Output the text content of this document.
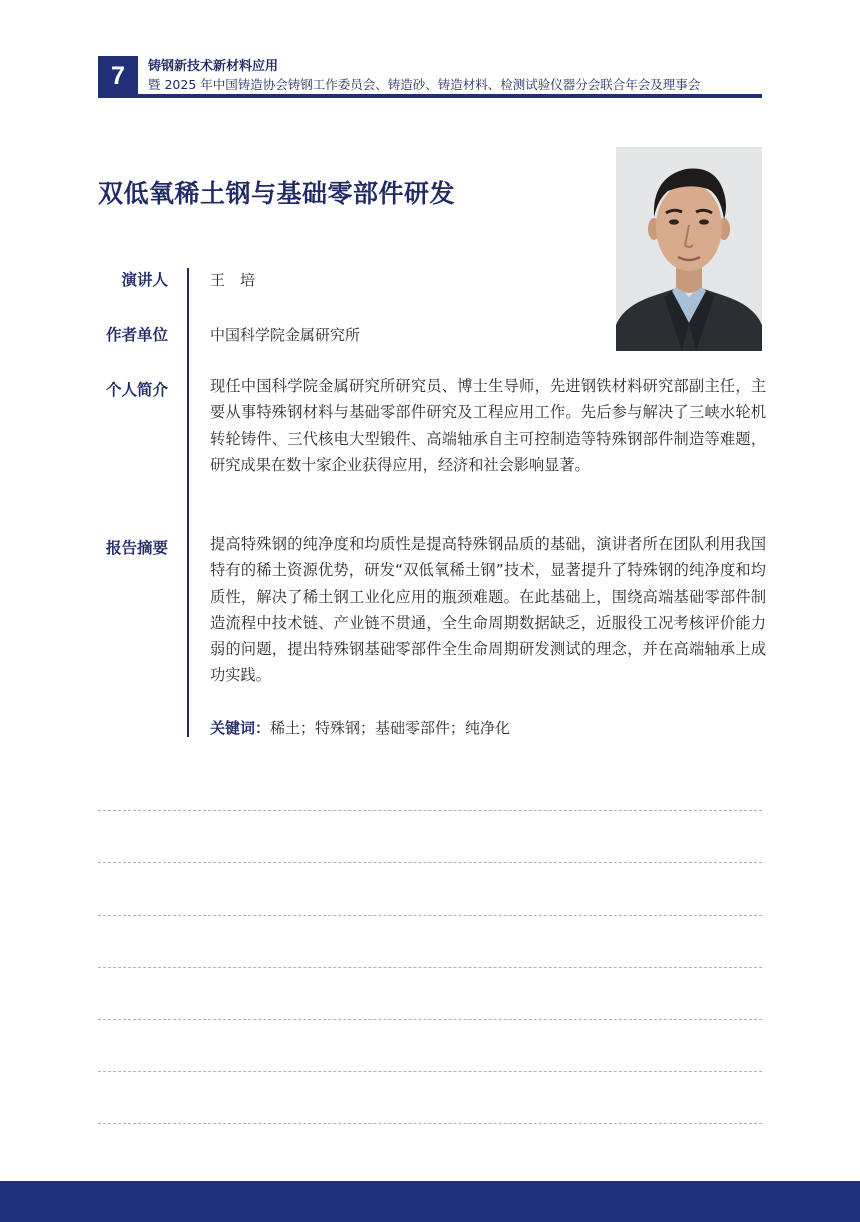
7	铸钢新技术新材料应用
暨 2025 年中国铸造协会铸钢工作委员会、铸造砂、铸造材料、检测试验仪器分会联合年会及理事会
双低氧稀土钢与基础零部件研发
演讲人	王　培
作者单位	中国科学院金属研究所
个人简介	现任中国科学院金属研究所研究员、博士生导师，先进钢铁材料研究部副主任，主要从事特殊钢材料与基础零部件研究及工程应用工作。先后参与解决了三峡水轮机转轮铸件、三代核电大型锻件、高端轴承自主可控制造等特殊钢部件制造等难题，研究成果在数十家企业获得应用，经济和社会影响显著。

报告摘要	提高特殊钢的纯净度和均质性是提高特殊钢品质的基础，演讲者所在团队利用我国特有的稀土资源优势，研发“双低氧稀土钢”技术，显著提升了特殊钢的纯净度和均质性，解决了稀土钢工业化应用的瓶颈难题。在此基础上，围绕高端基础零部件制造流程中技术链、产业链不贯通，全生命周期数据缺乏，近服役工况考核评价能力弱的问题，提出特殊钢基础零部件全生命周期研发测试的理念，并在高端轴承上成功实践。

关键词：稀土；特殊钢；基础零部件；纯净化
